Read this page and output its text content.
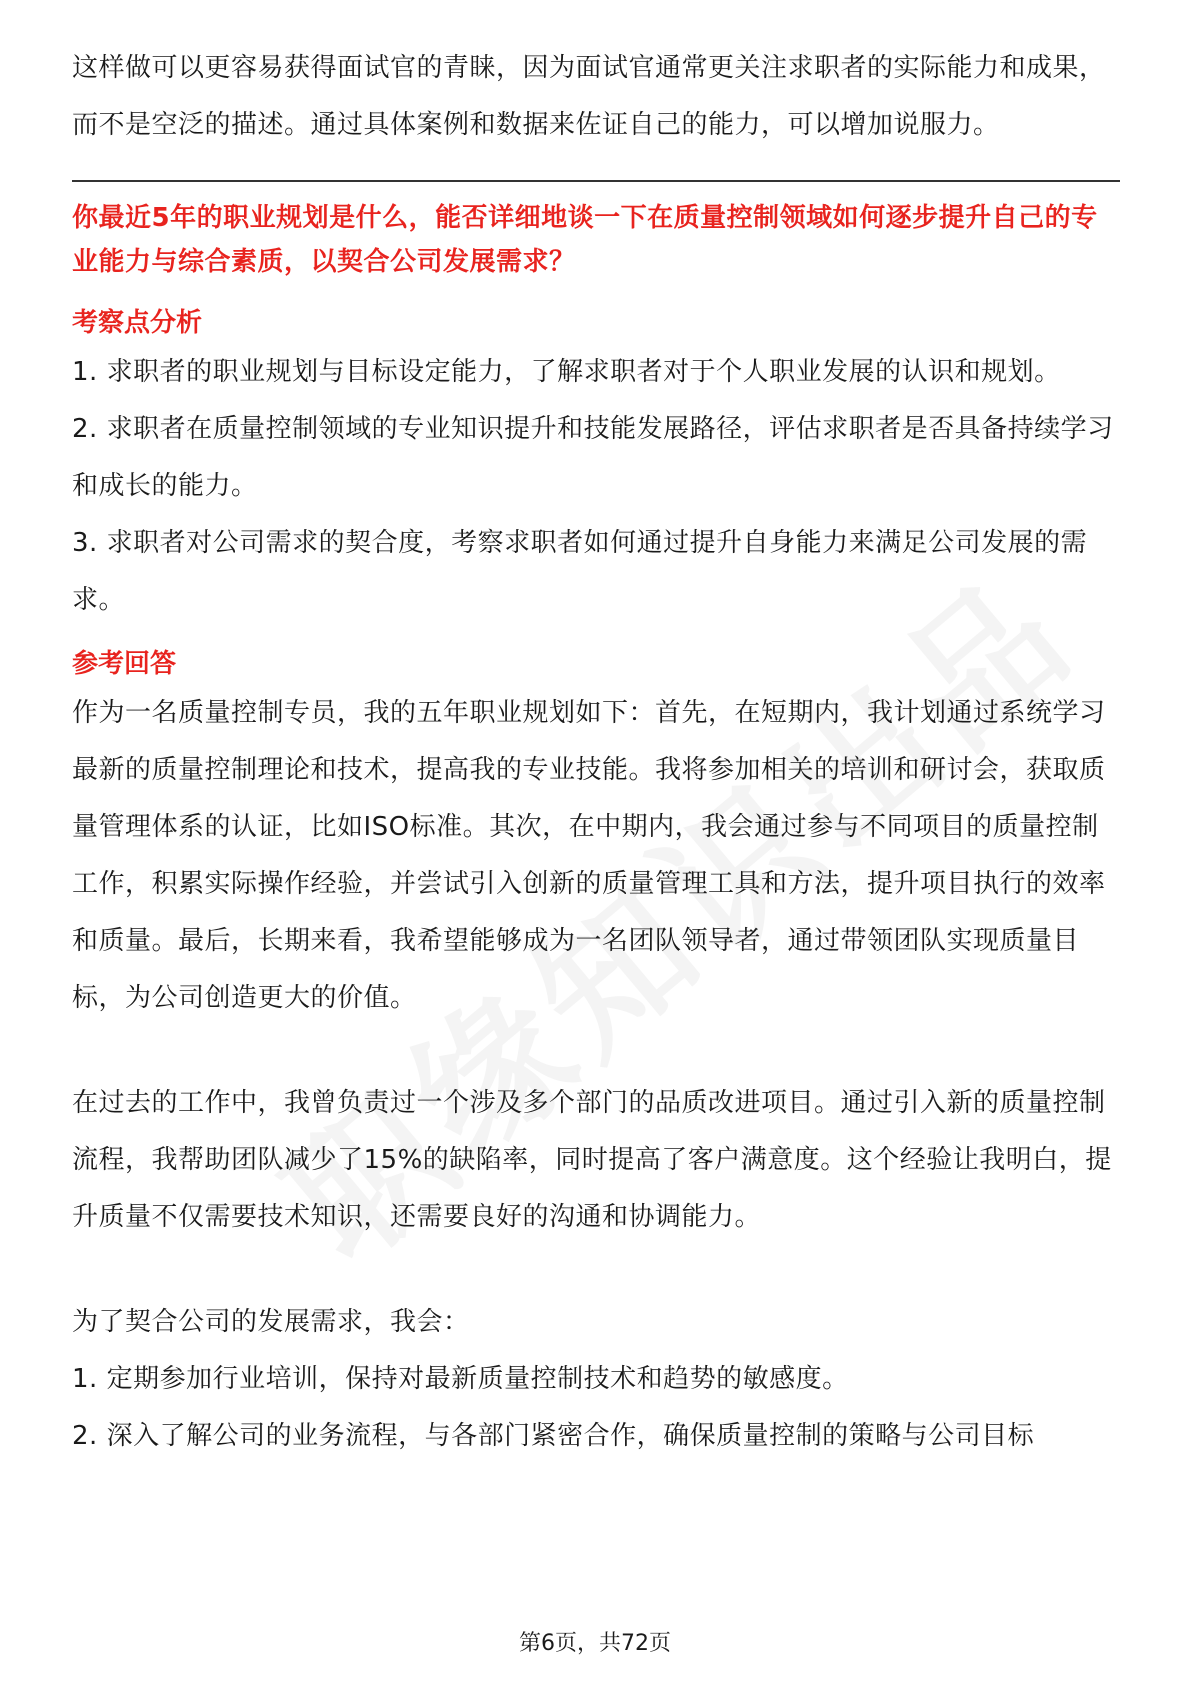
这样做可以更容易获得面试官的青睐，因为面试官通常更关注求职者的实际能力和成果，而不是空泛的描述。通过具体案例和数据来佐证自己的能力，可以增加说服力。

你最近5年的职业规划是什么，能否详细地谈一下在质量控制领域如何逐步提升自己的专业能力与综合素质，以契合公司发展需求？

考察点分析

1. 求职者的职业规划与目标设定能力，了解求职者对于个人职业发展的认识和规划。

2. 求职者在质量控制领域的专业知识提升和技能发展路径，评估求职者是否具备持续学习和成长的能力。

3. 求职者对公司需求的契合度，考察求职者如何通过提升自身能力来满足公司发展的需求。

参考回答

作为一名质量控制专员，我的五年职业规划如下：首先，在短期内，我计划通过系统学习最新的质量控制理论和技术，提高我的专业技能。我将参加相关的培训和研讨会，获取质量管理体系的认证，比如ISO标准。其次，在中期内，我会通过参与不同项目的质量控制工作，积累实际操作经验，并尝试引入创新的质量管理工具和方法，提升项目执行的效率和质量。最后，长期来看，我希望能够成为一名团队领导者，通过带领团队实现质量目标，为公司创造更大的价值。

在过去的工作中，我曾负责过一个涉及多个部门的品质改进项目。通过引入新的质量控制流程，我帮助团队减少了15%的缺陷率，同时提高了客户满意度。这个经验让我明白，提升质量不仅需要技术知识，还需要良好的沟通和协调能力。

为了契合公司的发展需求，我会：

1. 定期参加行业培训，保持对最新质量控制技术和趋势的敏感度。

2. 深入了解公司的业务流程，与各部门紧密合作，确保质量控制的策略与公司目标

第6页，共72页
